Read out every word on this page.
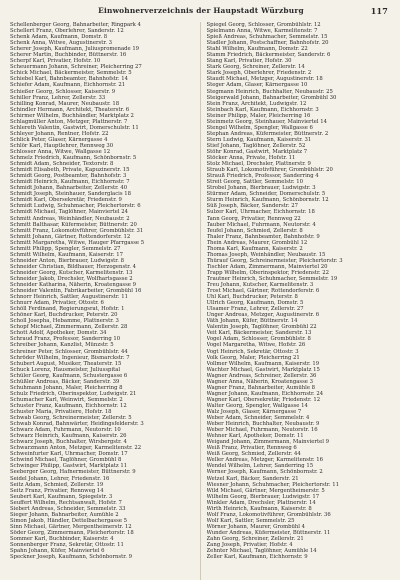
Einwohnerverzeichnis der Haupstadt Würzburg	117
Schellenberger Georg, Bahnarbeiter, Ringpark 4
Schellert Franz, Oberlehrer, Sanderstr. 12
Schenk Adam, Kaufmann, Domstr. 8
Schenk Anna, Witwe, Augustinerstr. 3
Scherer Joseph, Kaufmann, Juliuspromenade 19
Scherer Martin, Buchbinder, Büttnerstr. 16
Scherpf Karl, Privatier, Hofstr. 10
Scheuermann Johann, Schreiner, Pleicherring 27
Schick Michael, Bäckermeister, Semmelstr. 5
Schiebel Karl, Bahnbeamter, Bahnhofstr. 14
Schiefer Adam, Kaufmann, Eichhornstr. 21
Schießer Georg, Schlosser, Kaiserstr. 9
Schiller Franz, Lehrer, Zellerstr. 33
Schilling Konrad, Maurer, Neubaustr. 18
Schindler Hermann, Architekt, Theaterstr. 6
Schirmer Wilhelm, Buchhändler, Marktplatz 2
Schlagmüller Anton, Metzger, Plattnerstr. 7
Schlereth Valentin, Gastwirt, Domerschulstr. 11
Schleyer Johann, Rentner, Hofstr. 22
Schlick Peter, Glaser, Kärnergasse 4
Schlör Karl, Hauptlehrer, Rennweg 30
Schlosser Anna, Witwe, Wallgasse 12
Schmelz Friedrich, Kaufmann, Schönbornstr. 5
Schmidt Adam, Schneider, Textorstr. 8
Schmidt Elisabeth, Private, Kapuzinerstr. 15
Schmidt Georg, Postbeamter, Bahnhofstr. 3
Schmidt Heinrich, Kaufmann, Eichhornstr. 7
Schmidt Johann, Bahnarbeiter, Zellerstr. 40
Schmidt Joseph, Steinhauer, Sanderglacis 18
Schmidt Karl, Obersekretär, Friedenstr. 9
Schmidt Ludwig, Schuhmacher, Pleichertorstr. 6
Schmidt Michael, Taglöhner, Mainviertel 24
Schmitt Andreas, Weinhändler, Neubaustr. 2
Schmitt Balthasar, Küfermeister, Büttnerstr. 20
Schmitt Franz, Lokomotivführer, Grombühlstr. 31
Schmitt Johann, Gärtner, Rottendorferstr. 12
Schmitt Margaretha, Witwe, Hauger Pfarrgasse 5
Schmitt Philipp, Spengler, Semmelstr. 27
Schmitt Wilhelm, Kaufmann, Kaiserstr. 17
Schneider Anton, Bierbrauer, Ludwigstr. 8
Schneider Christian, Bildhauer, Herzogenstr. 4
Schneider Georg, Kutscher, Karmelitenstr. 13
Schneider Jakob, Drechsler, Wolfhartsgasse 2
Schneider Katharina, Näherin, Kroatengasse 9
Schneider Valentin, Fabrikarbeiter, Grombühl 16
Schnorr Heinrich, Sattler, Augustinerstr. 11
Schnurr Adam, Privatier, Ottostr. 6
Schöll Ferdinand, Regierungsrat, Hofstr. 1
Schöner Karl, Buchdrucker, Peterstr. 20
Scholl Josepha, Hebamme, Plattnerstr. 3
Schopf Michael, Zimmermann, Zellerstr. 28
Schott Adolf, Apotheker, Domstr. 34
Schraud Franz, Professor, Sanderring 10
Schreiber Johann, Kanzlist, Münzstr. 5
Schreiner Peter, Schlosser, Grombühlstr. 44
Schröder Wilhelm, Ingenieur, Bismarckstr. 7
Schubert August, Musiker, Theaterstr. 15
Schuck Lorenz, Hausmeister, Juliusspital
Schüler Georg, Kaufmann, Schustergasse 6
Schüßler Andreas, Bäcker, Sanderstr. 39
Schuhmann Johann, Maler, Pleicherring 8
Schulz Friedrich, Oberinspektor, Ludwigstr. 21
Schumacher Karl, Weinwirt, Semmelstr. 2
Schuster Franz, Kaufmann, Eichhornstr. 12
Schuster Maria, Privatiere, Hofstr. 18
Schwab Georg, Schreinermeister, Zellerstr. 5
Schwab Konrad, Bahnwärter, Heidingsfelderstr. 3
Schwarz Adam, Fuhrmann, Neutorstr. 10
Schwarz Heinrich, Kaufmann, Kaiserstr. 26
Schwarz Joseph, Buchhalter, Wirsbergstr. 4
Schwarzmann Anton, Metzger, Karmelitenstr. 22
Schweinfurter Karl, Uhrmacher, Domstr. 17
Schwind Michael, Taglöhner, Grombühl 8
Schwinger Philipp, Gastwirt, Marktplatz 11
Seeberger Georg, Hafnermeister, Büttnerstr. 9
Seidel Johann, Lehrer, Friedenstr. 16
Seitz Adam, Schmied, Zellerstr. 19
Seitz Franz, Privatier, Rennweg 14
Seubert Karl, Kaufmann, Spiegelstr. 3
Seuffert Wilhelm, Rechtsanwalt, Hofstr. 7
Siebert Andreas, Schneider, Semmelstr. 33
Sieger Johann, Bahnarbeiter, Aumühle 2
Simon Jakob, Händler, Dettelbachergasse 5
Sinn Michael, Gärtner, Mergentheimerstr. 12
Söder Georg, Zimmermann, Pleichertorstr. 18
Sommer Karl, Buchbinder, Kaiserstr. 4
Sonnenberger Franz, Sekretär, Ottostr. 11
Spahn Johann, Küfer, Mainviertel 6
Speckner Joseph, Kaufmann, Schönbornstr. 9
Spiegel Georg, Schlosser, Grombühlstr. 12
Spielmann Anna, Witwe, Karmelitenstr. 7
Spieß Andreas, Schuhmacher, Semmelstr. 15
Stadler Johann, Postschaffner, Bahnhofstr. 20
Stahl Wilhelm, Kaufmann, Domstr. 22
Stamm Friedrich, Bäckermeister, Sanderstr. 6
Stang Karl, Privatier, Hofstr. 30
Stark Georg, Schreiner, Zellerstr. 14
Stark Joseph, Oberlehrer, Friedenstr. 2
Staudt Michael, Metzger, Augustinerstr. 18
Steger Adam, Glaser, Kärnergasse 10
Stegmann Heinrich, Buchhalter, Neubaustr. 25
Steigerwald Johann, Bahnarbeiter, Grombühl 30
Stein Franz, Architekt, Ludwigstr. 12
Steinbach Karl, Kaufmann, Eichhornstr. 3
Steiner Philipp, Maler, Pleicherring 16
Steinmetz Georg, Steinhauer, Mainviertel 14
Stengel Wilhelm, Spengler, Wallgasse 6
Stephan Andreas, Küfermeister, Büttnerstr. 2
Stern Ludwig, Kaufmann, Kaiserstr. 31
Stief Johann, Taglöhner, Zellerstr. 52
Stöhr Konrad, Gastwirt, Marktplatz 7
Stöcker Anna, Private, Hofstr. 11
Stolz Michael, Drechsler, Plattnerstr. 9
Straub Karl, Lokomotivführer, Grombühlstr. 20
Strauß Friedrich, Professor, Sanderring 4
Streit Georg, Sattler, Semmelstr. 10
Strobel Johann, Bierbrauer, Ludwigstr. 3
Stürmer Adam, Schneider, Domerschulstr. 5
Sturm Heinrich, Kaufmann, Schönbornstr. 12
Süß Joseph, Bäcker, Sanderstr. 27
Sulzer Karl, Uhrmacher, Eichhornstr. 18
Tann Georg, Privatier, Rennweg 22
Tauber Michael, Fuhrmann, Neutorstr. 4
Teufel Johann, Schmied, Zellerstr. 8
Thaler Franz, Bahnbeamter, Bahnhofstr. 9
Thein Andreas, Maurer, Grombühl 12
Thoma Karl, Kaufmann, Kaiserstr. 2
Thomas Joseph, Weinhändler, Neubaustr. 15
Thürauf Georg, Schreinermeister, Pleichertorstr. 3
Tischler Adam, Zimmermann, Mainviertel 20
Trapp Wilhelm, Oberinspektor, Friedenstr. 22
Trautner Heinrich, Schuhmacher, Semmelstr. 19
Treu Johann, Kutscher, Karmelitenstr. 3
Trost Michael, Gärtner, Rottendorferstr. 6
Uhl Karl, Buchdrucker, Peterstr. 8
Ullrich Georg, Kaufmann, Domstr. 5
Ulsamer Franz, Lehrer, Zellerstr. 27
Unger Andreas, Metzger, Augustinerstr. 6
Väth Johann, Küfer, Büttnerstr. 14
Valentin Joseph, Taglöhner, Grombühl 22
Veit Karl, Bäckermeister, Sanderstr. 13
Vogel Adam, Schlosser, Grombühlstr. 8
Vogel Margaretha, Witwe, Hofstr. 26
Vogt Heinrich, Sekretär, Ottostr. 3
Volk Georg, Maler, Pleicherring 21
Vollmer Wilhelm, Kaufmann, Kaiserstr. 19
Wachter Michael, Gastwirt, Marktplatz 15
Wagner Andreas, Schreiner, Zellerstr. 36
Wagner Anna, Näherin, Kroatengasse 3
Wagner Franz, Bahnarbeiter, Aumühle 8
Wagner Johann, Kaufmann, Eichhornstr. 24
Wagner Karl, Obersekretär, Friedenstr. 12
Walter Georg, Spengler, Wallgasse 14
Walz Joseph, Glaser, Kärnergasse 7
Weber Adam, Schneider, Semmelstr. 4
Weber Heinrich, Buchhalter, Neubaustr. 9
Weber Michael, Fuhrmann, Neutorstr. 16
Wehner Karl, Apotheker, Domstr. 11
Weigand Johann, Zimmermann, Mainviertel 9
Weiß Franz, Privatier, Rennweg 6
Weiß Georg, Schmied, Zellerstr. 44
Weller Andreas, Metzger, Karmelitenstr. 16
Wendel Wilhelm, Lehrer, Sanderring 15
Werner Joseph, Kaufmann, Schönbornstr. 2
Wetzel Karl, Bäcker, Sanderstr. 21
Wiesner Johann, Schuhmacher, Pleichertorstr. 11
Wild Michael, Gärtner, Mergentheimerstr. 5
Wilhelm Georg, Bierbrauer, Ludwigstr. 17
Winkler Adam, Drechsler, Plattnerstr. 14
Wirth Heinrich, Kaufmann, Kaiserstr. 8
Wolf Franz, Lokomotivführer, Grombühlstr. 36
Wolf Karl, Sattler, Semmelstr. 25
Wörner Johann, Maurer, Grombühl 4
Wunder Andreas, Küfermeister, Büttnerstr. 11
Zahn Georg, Schreiner, Zellerstr. 21
Zang Joseph, Privatier, Hofstr. 4
Zehnter Michael, Taglöhner, Aumühle 14
Zeller Karl, Kaufmann, Eichhornstr. 9
